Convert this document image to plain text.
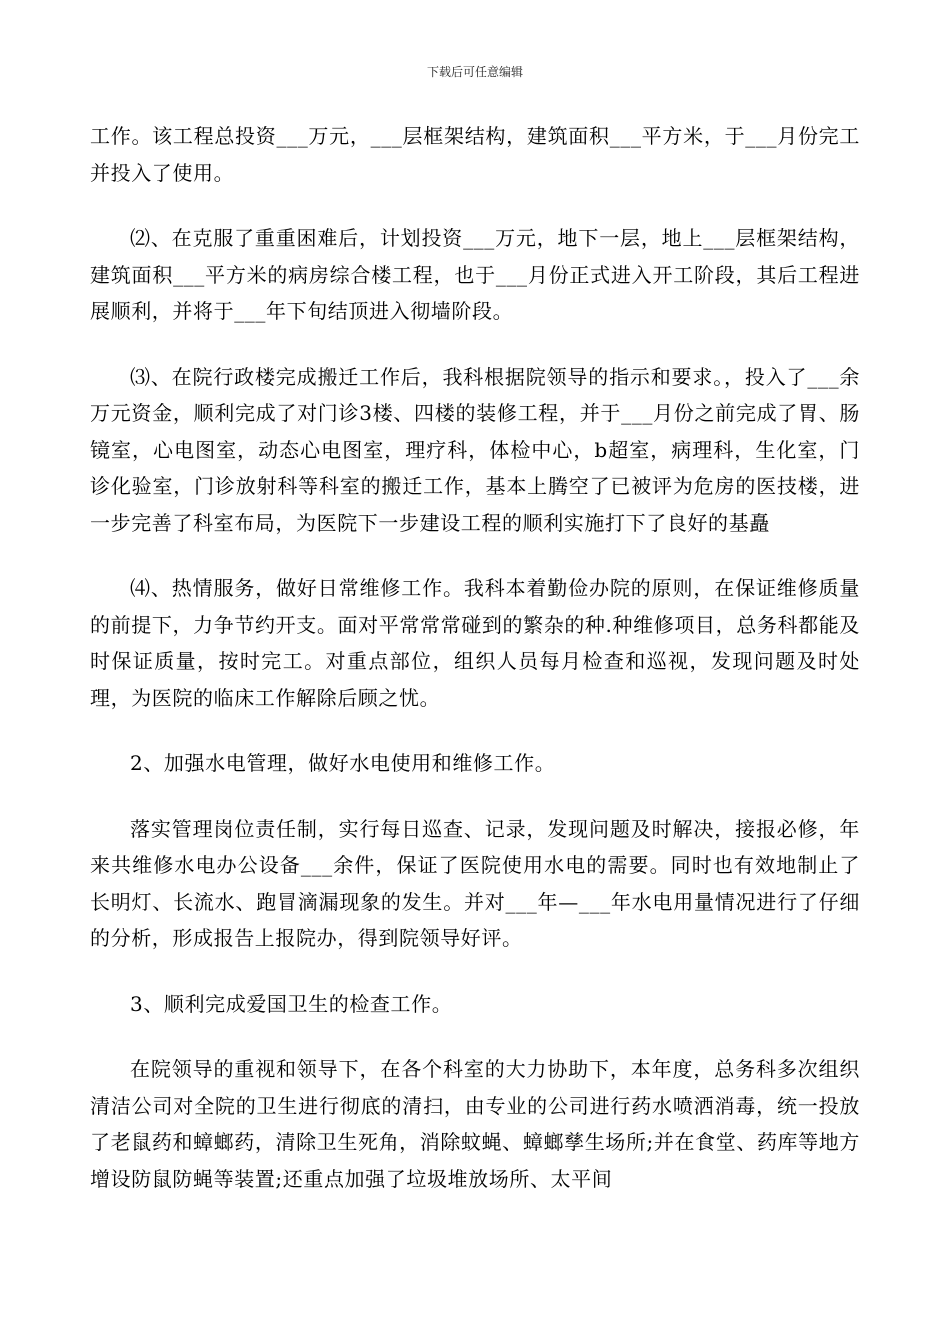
下载后可任意编辑

工作。该工程总投资___万元，___层框架结构，建筑面积___平方米，于___月份完工并投入了使用。

⑵、在克服了重重困难后，计划投资___万元，地下一层，地上___层框架结构，建筑面积___平方米的病房综合楼工程，也于___月份正式进入开工阶段，其后工程进展顺利，并将于___年下旬结顶进入彻墙阶段。

⑶、在院行政楼完成搬迁工作后，我科根据院领导的指示和要求。，投入了___余万元资金，顺利完成了对门诊3楼、四楼的装修工程，并于___月份之前完成了胃、肠镜室，心电图室，动态心电图室，理疗科，体检中心，b超室，病理科，生化室，门诊化验室，门诊放射科等科室的搬迁工作，基本上腾空了已被评为危房的医技楼，进一步完善了科室布局，为医院下一步建设工程的顺利实施打下了良好的基矗

⑷、热情服务，做好日常维修工作。我科本着勤俭办院的原则，在保证维修质量的前提下，力争节约开支。面对平常常常碰到的繁杂的种.种维修项目，总务科都能及时保证质量，按时完工。对重点部位，组织人员每月检查和巡视，发现问题及时处理，为医院的临床工作解除后顾之忧。

2、加强水电管理，做好水电使用和维修工作。

落实管理岗位责任制，实行每日巡查、记录，发现问题及时解决，接报必修，年来共维修水电办公设备___余件，保证了医院使用水电的需要。同时也有效地制止了长明灯、长流水、跑冒滴漏现象的发生。并对___年—___年水电用量情况进行了仔细的分析，形成报告上报院办，得到院领导好评。

3、顺利完成爱国卫生的检查工作。

在院领导的重视和领导下，在各个科室的大力协助下，本年度，总务科多次组织清洁公司对全院的卫生进行彻底的清扫，由专业的公司进行药水喷洒消毒，统一投放了老鼠药和蟑螂药，清除卫生死角，消除蚊蝇、蟑螂孳生场所;并在食堂、药库等地方增设防鼠防蝇等装置;还重点加强了垃圾堆放场所、太平间
